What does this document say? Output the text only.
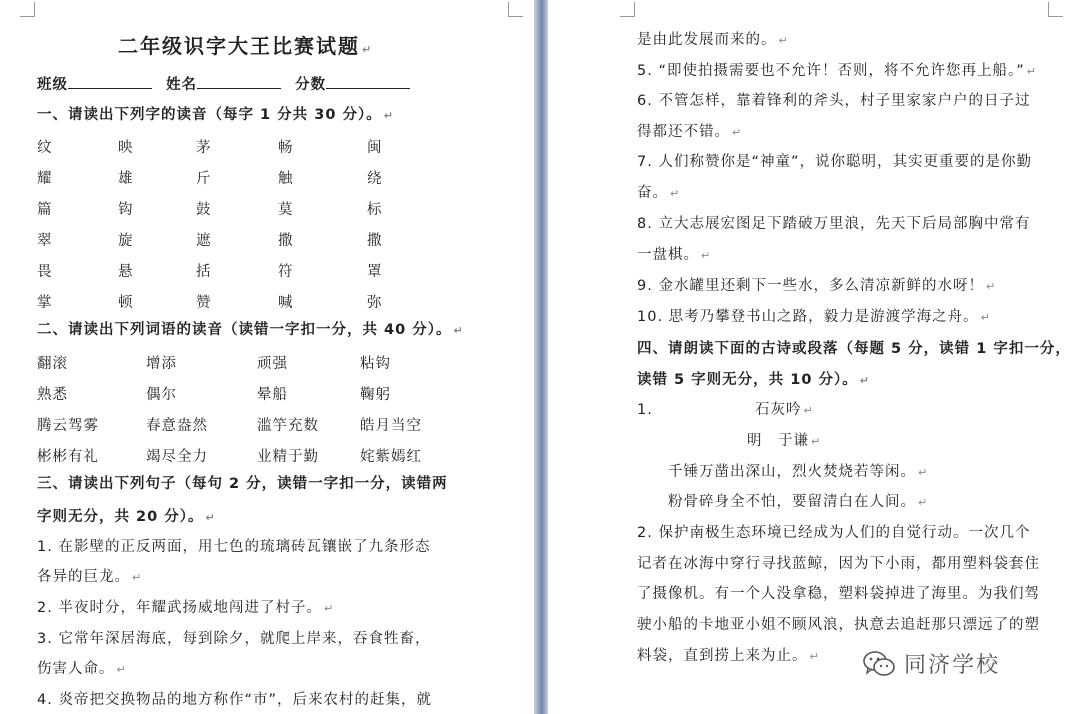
二年级识字大王比赛试题 ↵
班级	姓名	分数
一、请读出下列字的读音（每字 1 分共 30 分）。 ↵
纹	映	茅	畅	闽
耀	雄	斤	触	绕
篇	钩	鼓	莫	标
翠	旋	遮	撒	撒
畏	悬	括	符	罩
掌	顿	赞	喊	弥
二、请读出下列词语的读音（读错一字扣一分，共 40 分）。 ↵
翻滚	增添	顽强	粘钩
熟悉	偶尔	晕船	鞠躬
腾云驾雾	春意盎然	滥竽充数	皓月当空
彬彬有礼	竭尽全力	业精于勤	姹紫嫣红
三、请读出下列句子（每句 2 分，读错一字扣一分，读错两
字则无分，共 20 分）。 ↵
1. 在影壁的正反两面，用七色的琉璃砖瓦镶嵌了九条形态
各异的巨龙。 ↵
2. 半夜时分，年耀武扬威地闯进了村子。 ↵
3. 它常年深居海底，每到除夕，就爬上岸来，吞食牲畜，
伤害人命。 ↵
4. 炎帝把交换物品的地方称作“市”，后来农村的赶集，就
是由此发展而来的。 ↵
5. “即使拍摄需要也不允许！否则，将不允许您再上船。” ↵
6. 不管怎样，靠着锋利的斧头，村子里家家户户的日子过
得都还不错。 ↵
7. 人们称赞你是“神童”，说你聪明，其实更重要的是你勤
奋。 ↵
8. 立大志展宏图足下踏破万里浪，先天下后局部胸中常有
一盘棋。 ↵
9. 金水罐里还剩下一些水，多么清凉新鲜的水呀！ ↵
10. 思考乃攀登书山之路，毅力是游渡学海之舟。 ↵
四、请朗读下面的古诗或段落（每题 5 分，读错 1 字扣一分，
读错 5 字则无分，共 10 分）。 ↵
1.	石灰吟 ↵
明　于谦 ↵
千锤万凿出深山，烈火焚烧若等闲。 ↵
粉骨碎身全不怕，要留清白在人间。 ↵
2. 保护南极生态环境已经成为人们的自觉行动。一次几个
记者在冰海中穿行寻找蓝鲸，因为下小雨，都用塑料袋套住
了摄像机。有一个人没拿稳，塑料袋掉进了海里。为我们驾
驶小船的卡地亚小姐不顾风浪，执意去追赶那只漂远了的塑
料袋，直到捞上来为止。 ↵	同济学校
